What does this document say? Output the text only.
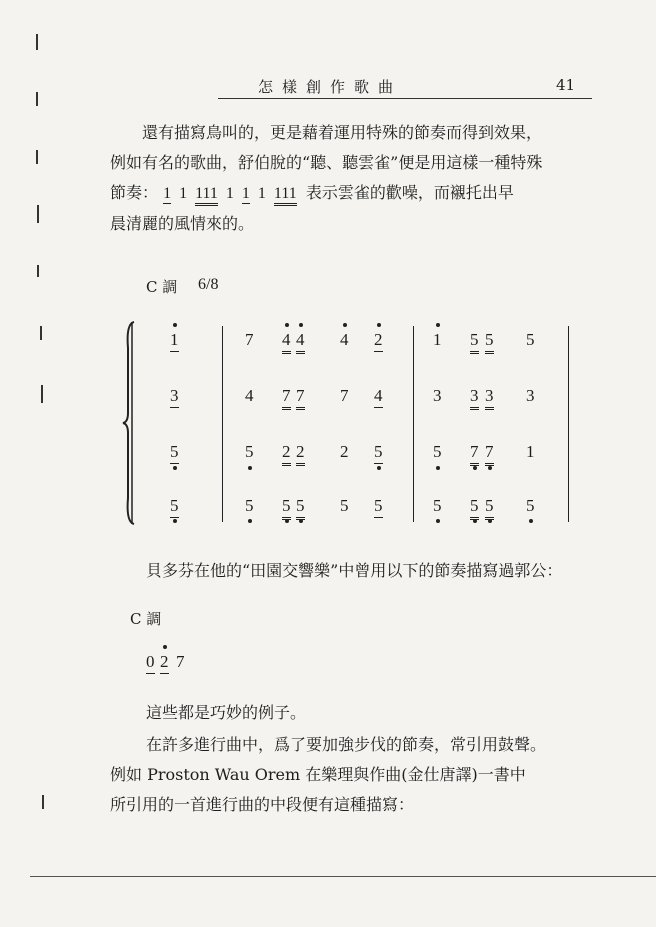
怎樣創作歌曲	41
還有描寫鳥叫的，更是藉着運用特殊的節奏而得到效果，
例如有名的歌曲，舒伯脫的“聽、聽雲雀”便是用這樣一種特殊
節奏： 1 1 111 1 1 1 111 表示雲雀的歡噪，而襯托出早
晨清麗的風情來的。
C 調 6/8
1	7 4 4 4 2	1 5 5 5
3	4 7 7 7 4	3 3 3 3
5	5 2 2 2 5	5 7 7 1
5	5 5 5 5 5	5 5 5 5
貝多芬在他的“田園交響樂”中曾用以下的節奏描寫過郭公：
C 調
0 2 7
這些都是巧妙的例子。
在許多進行曲中，爲了要加強步伐的節奏，常引用鼓聲。
例如 Proston Wau Orem 在樂理與作曲(金仕唐譯)一書中
所引用的一首進行曲的中段便有這種描寫：
